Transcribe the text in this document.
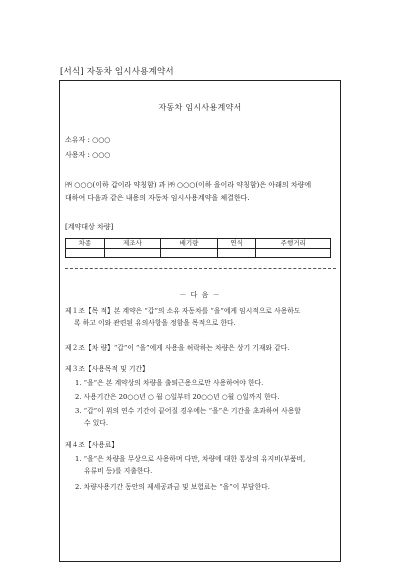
[서식] 자동차 임시사용계약서
자동차 임시사용계약서
소유자 : ○○○
사용자 : ○○○
㈜ ○○○(이하 갑이라 약칭함) 과 ㈜ ○○○(이하 을이라 약칭함)은 아래의 차량에
대하여 다음과 같은 내용의 자동차 임시사용계약을 체결한다.
[계약대상 차량]
차종	제조사	배기량	연식	주행거리

－ 다 음 －
제１조【목 적】본 계약은 “갑”의 소유 자동차를 “을”에게 임시적으로 사용하도
록 하고 이와 관련된 유의사항을 정함을 목적으로 한다.
제２조【차 량】“갑”이 “을”에게 사용을 허락하는 차량은 상기 기재와 같다.
제３조【사용목적 및 기간】
1. “을”은 본 계약상의 차량을 출퇴근용으로만 사용하여야 한다.
2. 사용기간은 20○○년 ○ 월 ○일부터 20○○년 ○월 ○일까지 한다.
3. “갑”이 위의 연수 기간이 끝어질 경우에는 “을”은 기간을 초과하여 사용할
수 있다.
제４조【사용료】
1. “을”은 차량을 무상으로 사용하며 다만, 차량에 대한 통상의 유지비(부품비,
유류비 등)를 지출한다.
2. 차량사용기간 동안의 제세공과금 및 보험료는 “을”이 부담한다.
